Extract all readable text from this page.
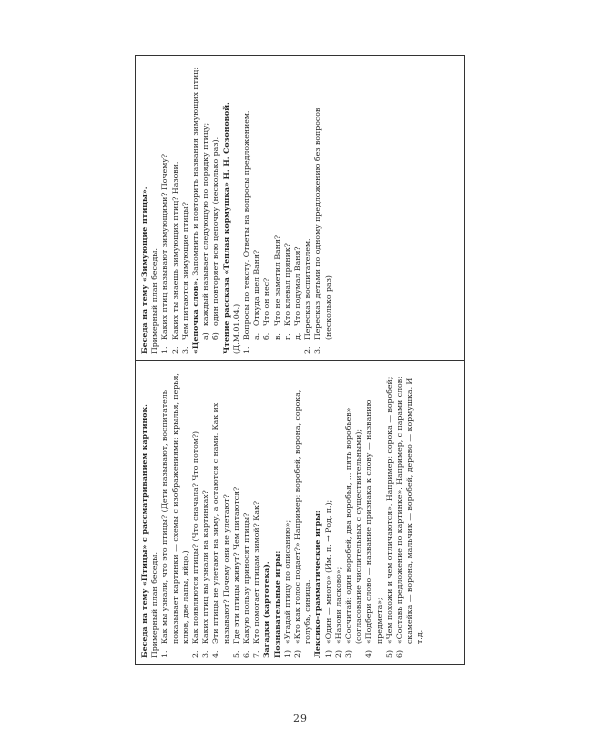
Беседа на тему «Птицы» с рассматриванием картинок. Примерный план беседы. 1.
Как мы узнали, что это птицы? (Дети называют, воспитатель показывает картинки — схемы с изображениями: крылья, перья, клюв, две лапы, яйцо.)
2.
Как появляются птицы? (Что сначала? Что потом?)
3.
Каких птиц вы узнали на картинках?
4.
Эти птицы не улетают на зиму, а остаются с нами. Как их называют? Почему они не улетают?
5.
Где эти птицы живут? Чем питаются?
6.
Какую пользу приносят птицы?
7.
Кто помогает птицам зимой? Как? Загадки (картотека). Познавательные игры: 1)
«Угадай птицу по описанию»;
2)
«Кто как голос подает?» Например: воробей, ворона, сорока, голубь, синица. Лексико-грамматические игры: 1)
«Один — много» (Им. п. → Род. п.);
2)
«Назови ласково»;
3)
«Сосчитай: один воробей, два воробья, ... пять воробьев» (согласование числительных с существительными);
4)
«Подбери слово — название признака к слову — названию предмета»;
5)
«Чем похожи и чем отличаются». Например: сорока — воробей;
6)
«Составь предложение по картинке». Например, с парами слов: скамейка — ворона, мальчик — воробей, дерево — кормушка. И т.д.

Беседа на тему «Зимующие птицы». Примерный план беседы. 1.
Каких птиц называют зимующими? Почему?
2.
Каких ты знаешь зимующих птиц? Назови.
3.
Чем питаются зимующие птицы? «Цепочка слов». Запомнить и повторить названия зимующих птиц:

а)
каждый называет следующую по порядку птицу;
б)
один повторяет всю цепочку (несколько раз). Чтение рассказа «Теплая кормушка» Н. Н. Созоновой. (Д.М.01.04.) 1.
Вопросы по тексту. Ответы на вопросы предложением. а.
Откуда шел Ваня?
б.
Что он нес?
в.
Что не заметил Ваня?
г.
Кто клевал пряник?
д.
Что подумал Ваня?
2.
Пересказ воспитателем.
3.
Пересказ детьми по одному предложению без вопросов (несколько раз)
29
